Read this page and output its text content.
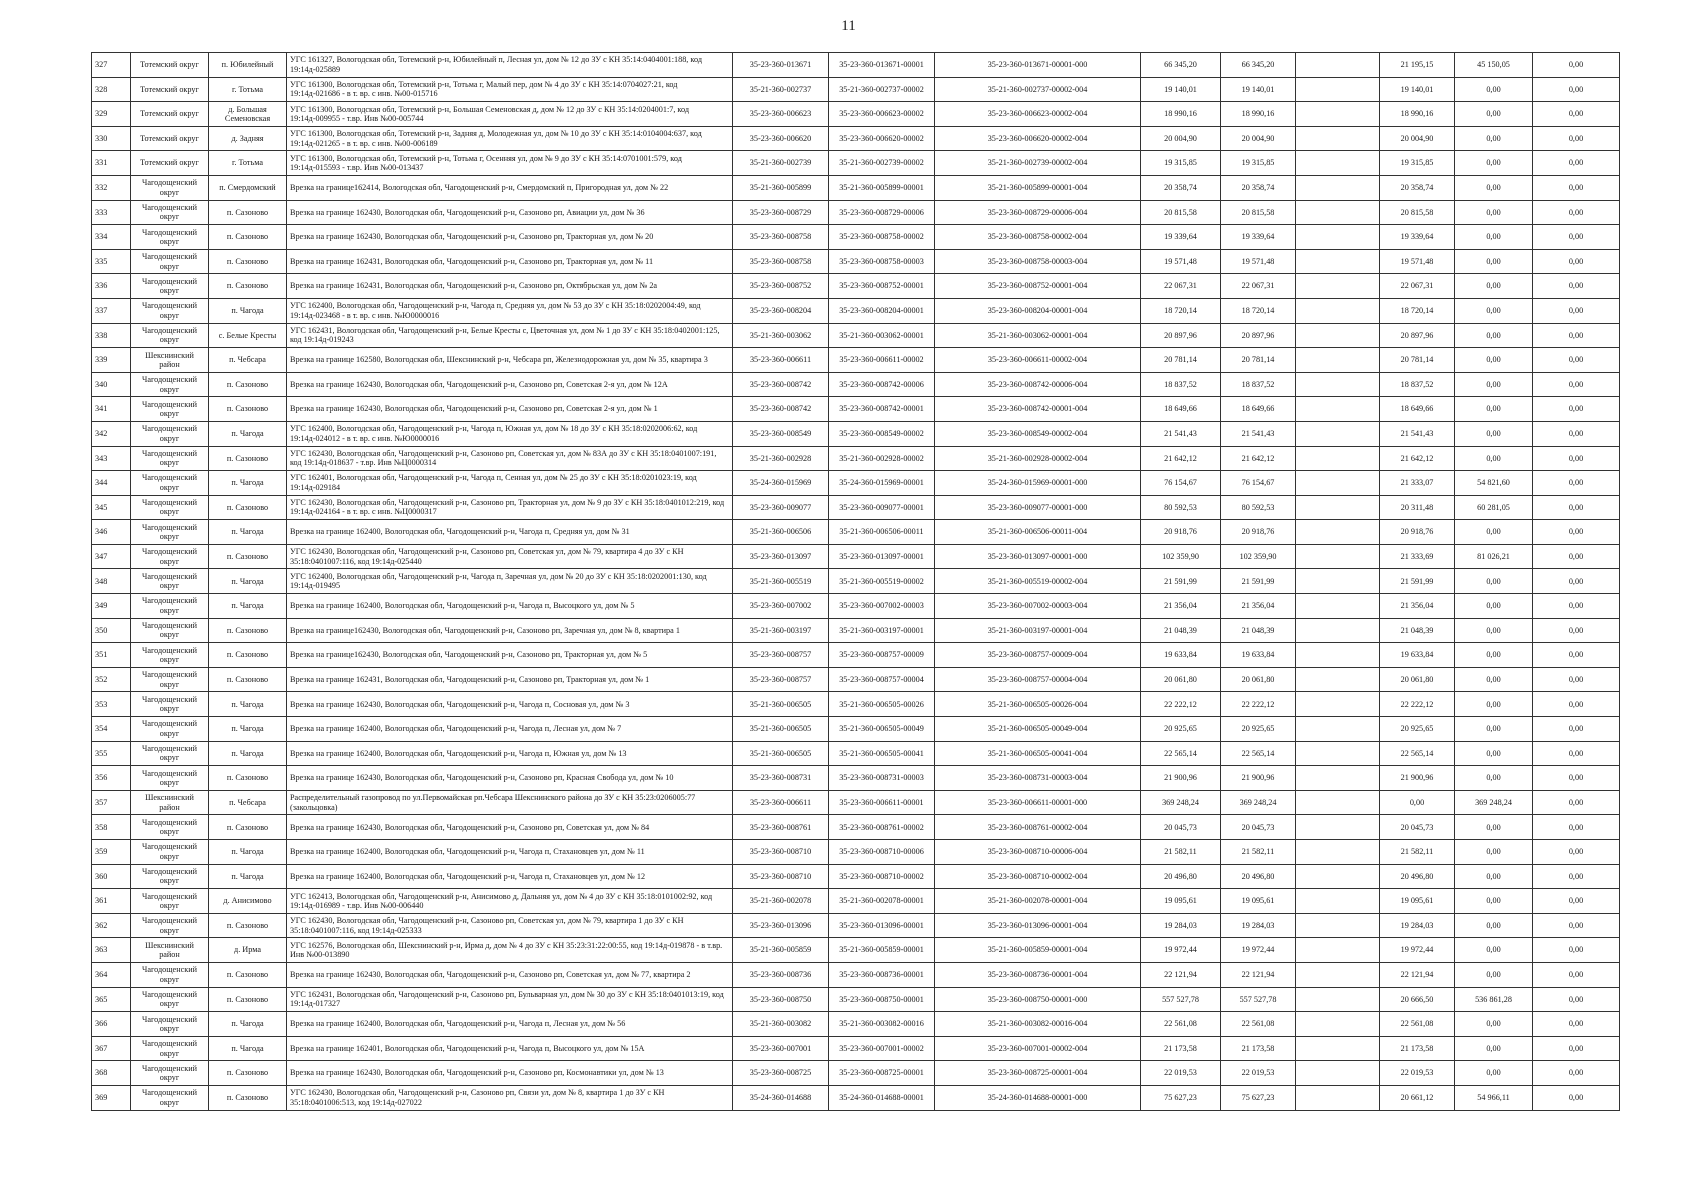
11
327	Тотемский округ	п. Юбилейный	УГС 161327, Вологодская обл, Тотемский р-н, Юбилейный п, Лесная ул, дом № 12 до ЗУ с КН 35:14:0404001:188, код 19:14д-025889	35-23-360-013671	35-23-360-013671-00001	35-23-360-013671-00001-000	66 345,20	66 345,20		21 195,15	45 150,05	0,00
328	Тотемский округ	г. Тотьма	УГС 161300, Вологодская обл, Тотемский р-н, Тотьма г, Малый пер, дом № 4 до ЗУ с КН 35:14:0704027:21, код 19:14д-021686 - в т. вр. с инв. №00-015716	35-21-360-002737	35-21-360-002737-00002	35-21-360-002737-00002-004	19 140,01	19 140,01		19 140,01	0,00	0,00
329	Тотемский округ	д. Большая Семеновская	УГС 161300, Вологодская обл, Тотемский р-н, Большая Семеновская д, дом № 12 до ЗУ с КН 35:14:0204001:7, код 19:14д-009955 - т.вр. Инв №00-005744	35-23-360-006623	35-23-360-006623-00002	35-23-360-006623-00002-004	18 990,16	18 990,16		18 990,16	0,00	0,00
330	Тотемский округ	д. Задняя	УГС 161300, Вологодская обл, Тотемский р-н, Задняя д, Молодежная ул, дом № 10 до ЗУ с КН 35:14:0104004:637, код 19:14д-021265 - в т. вр. с инв. №00-006189	35-23-360-006620	35-23-360-006620-00002	35-23-360-006620-00002-004	20 004,90	20 004,90		20 004,90	0,00	0,00
331	Тотемский округ	г. Тотьма	УГС 161300, Вологодская обл, Тотемский р-н, Тотьма г, Осенняя ул, дом № 9 до ЗУ с КН 35:14:0701001:579, код 19:14д-015593 - т.вр. Инв №00-013437	35-21-360-002739	35-21-360-002739-00002	35-21-360-002739-00002-004	19 315,85	19 315,85		19 315,85	0,00	0,00
332	Чагодощенский округ	п. Смердомский	Врезка на границе162414, Вологодская обл, Чагодощенский р-н, Смердомский п, Пригородная ул, дом № 22	35-21-360-005899	35-21-360-005899-00001	35-21-360-005899-00001-004	20 358,74	20 358,74		20 358,74	0,00	0,00
333	Чагодощенский округ	п. Сазоново	Врезка на границе 162430, Вологодская обл, Чагодощенский р-н, Сазоново рп, Авиации ул, дом № 36	35-23-360-008729	35-23-360-008729-00006	35-23-360-008729-00006-004	20 815,58	20 815,58		20 815,58	0,00	0,00
334	Чагодощенский округ	п. Сазоново	Врезка на границе 162430, Вологодская обл, Чагодощенский р-н, Сазоново рп, Тракторная ул, дом № 20	35-23-360-008758	35-23-360-008758-00002	35-23-360-008758-00002-004	19 339,64	19 339,64		19 339,64	0,00	0,00
335	Чагодощенский округ	п. Сазоново	Врезка на границе 162431, Вологодская обл, Чагодощенский р-н, Сазоново рп, Тракторная ул, дом № 11	35-23-360-008758	35-23-360-008758-00003	35-23-360-008758-00003-004	19 571,48	19 571,48		19 571,48	0,00	0,00
336	Чагодощенский округ	п. Сазоново	Врезка на границе 162431, Вологодская обл, Чагодощенский р-н, Сазоново рп, Октябрьская ул, дом № 2а	35-23-360-008752	35-23-360-008752-00001	35-23-360-008752-00001-004	22 067,31	22 067,31		22 067,31	0,00	0,00
337	Чагодощенский округ	п. Чагода	УГС 162400, Вологодская обл, Чагодощенский р-н, Чагода п, Средняя ул, дом № 53 до ЗУ с КН 35:18:0202004:49, код 19:14д-023468 - в т. вр. с инв. №Ю0000016	35-23-360-008204	35-23-360-008204-00001	35-23-360-008204-00001-004	18 720,14	18 720,14		18 720,14	0,00	0,00
338	Чагодощенский округ	с. Белые Кресты	УГС 162431, Вологодская обл, Чагодощенский р-н, Белые Кресты с, Цветочная ул, дом № 1 до ЗУ с КН 35:18:0402001:125, код 19:14д-019243	35-21-360-003062	35-21-360-003062-00001	35-21-360-003062-00001-004	20 897,96	20 897,96		20 897,96	0,00	0,00
339	Шекснинский район	п. Чебсара	Врезка на границе 162580, Вологодская обл, Шекснинский р-н, Чебсара рп, Железнодорожная ул, дом № 35, квартира 3	35-23-360-006611	35-23-360-006611-00002	35-23-360-006611-00002-004	20 781,14	20 781,14		20 781,14	0,00	0,00
340	Чагодощенский округ	п. Сазоново	Врезка на границе 162430, Вологодская обл, Чагодощенский р-н, Сазоново рп, Советская 2-я ул, дом № 12А	35-23-360-008742	35-23-360-008742-00006	35-23-360-008742-00006-004	18 837,52	18 837,52		18 837,52	0,00	0,00
341	Чагодощенский округ	п. Сазоново	Врезка на границе 162430, Вологодская обл, Чагодощенский р-н, Сазоново рп, Советская 2-я ул, дом № 1	35-23-360-008742	35-23-360-008742-00001	35-23-360-008742-00001-004	18 649,66	18 649,66		18 649,66	0,00	0,00
342	Чагодощенский округ	п. Чагода	УГС 162400, Вологодская обл, Чагодощенский р-н, Чагода п, Южная ул, дом № 18 до ЗУ с КН 35:18:0202006:62, код 19:14д-024012 - в т. вр. с инв. №Ю0000016	35-23-360-008549	35-23-360-008549-00002	35-23-360-008549-00002-004	21 541,43	21 541,43		21 541,43	0,00	0,00
343	Чагодощенский округ	п. Сазоново	УГС 162430, Вологодская обл, Чагодощенский р-н, Сазоново рп, Советская ул, дом № 83А до ЗУ с КН 35:18:0401007:191, код 19:14д-018637 - т.вр. Инв №Ц0000314	35-21-360-002928	35-21-360-002928-00002	35-21-360-002928-00002-004	21 642,12	21 642,12		21 642,12	0,00	0,00
344	Чагодощенский округ	п. Чагода	УГС 162401, Вологодская обл, Чагодощенский р-н, Чагода п, Сенная ул, дом № 25 до ЗУ с КН 35:18:0201023:19, код 19:14д-029184	35-24-360-015969	35-24-360-015969-00001	35-24-360-015969-00001-000	76 154,67	76 154,67		21 333,07	54 821,60	0,00
345	Чагодощенский округ	п. Сазоново	УГС 162430, Вологодская обл, Чагодощенский р-н, Сазоново рп, Тракторная ул, дом № 9 до ЗУ с КН 35:18:0401012:219, код 19:14д-024164 - в т. вр. с инв. №Ц0000317	35-23-360-009077	35-23-360-009077-00001	35-23-360-009077-00001-000	80 592,53	80 592,53		20 311,48	60 281,05	0,00
346	Чагодощенский округ	п. Чагода	Врезка на границе 162400, Вологодская обл, Чагодощенский р-н, Чагода п, Средняя ул, дом № 31	35-21-360-006506	35-21-360-006506-00011	35-21-360-006506-00011-004	20 918,76	20 918,76		20 918,76	0,00	0,00
347	Чагодощенский округ	п. Сазоново	УГС 162430, Вологодская обл, Чагодощенский р-н, Сазоново рп, Советская ул, дом № 79, квартира 4 до ЗУ с КН 35:18:0401007:116, код 19:14д-025440	35-23-360-013097	35-23-360-013097-00001	35-23-360-013097-00001-000	102 359,90	102 359,90		21 333,69	81 026,21	0,00
348	Чагодощенский округ	п. Чагода	УГС 162400, Вологодская обл, Чагодощенский р-н, Чагода п, Заречная ул, дом № 20 до ЗУ с КН 35:18:0202001:130, код 19:14д-019495	35-21-360-005519	35-21-360-005519-00002	35-21-360-005519-00002-004	21 591,99	21 591,99		21 591,99	0,00	0,00
349	Чагодощенский округ	п. Чагода	Врезка на границе 162400, Вологодская обл, Чагодощенский р-н, Чагода п, Высоцкого ул, дом № 5	35-23-360-007002	35-23-360-007002-00003	35-23-360-007002-00003-004	21 356,04	21 356,04		21 356,04	0,00	0,00
350	Чагодощенский округ	п. Сазоново	Врезка на границе162430, Вологодская обл, Чагодощенский р-н, Сазоново рп, Заречная ул, дом № 8, квартира 1	35-21-360-003197	35-21-360-003197-00001	35-21-360-003197-00001-004	21 048,39	21 048,39		21 048,39	0,00	0,00
351	Чагодощенский округ	п. Сазоново	Врезка на границе162430, Вологодская обл, Чагодощенский р-н, Сазоново рп, Тракторная ул, дом № 5	35-23-360-008757	35-23-360-008757-00009	35-23-360-008757-00009-004	19 633,84	19 633,84		19 633,84	0,00	0,00
352	Чагодощенский округ	п. Сазоново	Врезка на границе 162431, Вологодская обл, Чагодощенский р-н, Сазоново рп, Тракторная ул, дом № 1	35-23-360-008757	35-23-360-008757-00004	35-23-360-008757-00004-004	20 061,80	20 061,80		20 061,80	0,00	0,00
353	Чагодощенский округ	п. Чагода	Врезка на границе 162430, Вологодская обл, Чагодощенский р-н, Чагода п, Сосновая ул, дом № 3	35-21-360-006505	35-21-360-006505-00026	35-21-360-006505-00026-004	22 222,12	22 222,12		22 222,12	0,00	0,00
354	Чагодощенский округ	п. Чагода	Врезка на границе 162400, Вологодская обл, Чагодощенский р-н, Чагода п, Лесная ул, дом № 7	35-21-360-006505	35-21-360-006505-00049	35-21-360-006505-00049-004	20 925,65	20 925,65		20 925,65	0,00	0,00
355	Чагодощенский округ	п. Чагода	Врезка на границе 162400, Вологодская обл, Чагодощенский р-н, Чагода п, Южная ул, дом № 13	35-21-360-006505	35-21-360-006505-00041	35-21-360-006505-00041-004	22 565,14	22 565,14		22 565,14	0,00	0,00
356	Чагодощенский округ	п. Сазоново	Врезка на границе 162430, Вологодская обл, Чагодощенский р-н, Сазоново рп, Красная Свобода ул, дом № 10	35-23-360-008731	35-23-360-008731-00003	35-23-360-008731-00003-004	21 900,96	21 900,96		21 900,96	0,00	0,00
357	Шекснинский район	п. Чебсара	Распределительный газопровод по ул.Первомайская рп.Чебсара Шекснинского района до ЗУ с КН 35:23:0206005:77 (закольцовка)	35-23-360-006611	35-23-360-006611-00001	35-23-360-006611-00001-000	369 248,24	369 248,24		0,00	369 248,24	0,00
358	Чагодощенский округ	п. Сазоново	Врезка на границе 162430, Вологодская обл, Чагодощенский р-н, Сазоново рп, Советская ул, дом № 84	35-23-360-008761	35-23-360-008761-00002	35-23-360-008761-00002-004	20 045,73	20 045,73		20 045,73	0,00	0,00
359	Чагодощенский округ	п. Чагода	Врезка на границе 162400, Вологодская обл, Чагодощенский р-н, Чагода п, Стахановцев ул, дом № 11	35-23-360-008710	35-23-360-008710-00006	35-23-360-008710-00006-004	21 582,11	21 582,11		21 582,11	0,00	0,00
360	Чагодощенский округ	п. Чагода	Врезка на границе 162400, Вологодская обл, Чагодощенский р-н, Чагода п, Стахановцев ул, дом № 12	35-23-360-008710	35-23-360-008710-00002	35-23-360-008710-00002-004	20 496,80	20 496,80		20 496,80	0,00	0,00
361	Чагодощенский округ	д. Анисимово	УГС 162413, Вологодская обл, Чагодощенский р-н, Анисимово д, Дальняя ул, дом № 4 до ЗУ с КН 35:18:0101002:92, код 19:14д-016989 - т.вр. Инв №00-006440	35-21-360-002078	35-21-360-002078-00001	35-21-360-002078-00001-004	19 095,61	19 095,61		19 095,61	0,00	0,00
362	Чагодощенский округ	п. Сазоново	УГС 162430, Вологодская обл, Чагодощенский р-н, Сазоново рп, Советская ул, дом № 79, квартира 1 до ЗУ с КН 35:18:0401007:116, код 19:14д-025333	35-23-360-013096	35-23-360-013096-00001	35-23-360-013096-00001-004	19 284,03	19 284,03		19 284,03	0,00	0,00
363	Шекснинский район	д. Ирма	УГС 162576, Вологодская обл, Шекснинский р-н, Ирма д, дом № 4 до ЗУ с КН 35:23:31:22:00:55, код 19:14д-019878 - в т.вр. Инв №00-013890	35-21-360-005859	35-21-360-005859-00001	35-21-360-005859-00001-004	19 972,44	19 972,44		19 972,44	0,00	0,00
364	Чагодощенский округ	п. Сазоново	Врезка на границе 162430, Вологодская обл, Чагодощенский р-н, Сазоново рп, Советская ул, дом № 77, квартира 2	35-23-360-008736	35-23-360-008736-00001	35-23-360-008736-00001-004	22 121,94	22 121,94		22 121,94	0,00	0,00
365	Чагодощенский округ	п. Сазоново	УГС 162431, Вологодская обл, Чагодощенский р-н, Сазоново рп, Бульварная ул, дом № 30 до ЗУ с КН 35:18:0401013:19, код 19:14д-017327	35-23-360-008750	35-23-360-008750-00001	35-23-360-008750-00001-000	557 527,78	557 527,78		20 666,50	536 861,28	0,00
366	Чагодощенский округ	п. Чагода	Врезка на границе 162400, Вологодская обл, Чагодощенский р-н, Чагода п, Лесная ул, дом № 56	35-21-360-003082	35-21-360-003082-00016	35-21-360-003082-00016-004	22 561,08	22 561,08		22 561,08	0,00	0,00
367	Чагодощенский округ	п. Чагода	Врезка на границе 162401, Вологодская обл, Чагодощенский р-н, Чагода п, Высоцкого ул, дом № 15А	35-23-360-007001	35-23-360-007001-00002	35-23-360-007001-00002-004	21 173,58	21 173,58		21 173,58	0,00	0,00
368	Чагодощенский округ	п. Сазоново	Врезка на границе 162430, Вологодская обл, Чагодощенский р-н, Сазоново рп, Космонавтики ул, дом № 13	35-23-360-008725	35-23-360-008725-00001	35-23-360-008725-00001-004	22 019,53	22 019,53		22 019,53	0,00	0,00
369	Чагодощенский округ	п. Сазоново	УГС 162430, Вологодская обл, Чагодощенский р-н, Сазоново рп, Связи ул, дом № 8, квартира 1 до ЗУ с КН 35:18:0401006:513, код 19:14д-027022	35-24-360-014688	35-24-360-014688-00001	35-24-360-014688-00001-000	75 627,23	75 627,23		20 661,12	54 966,11	0,00
